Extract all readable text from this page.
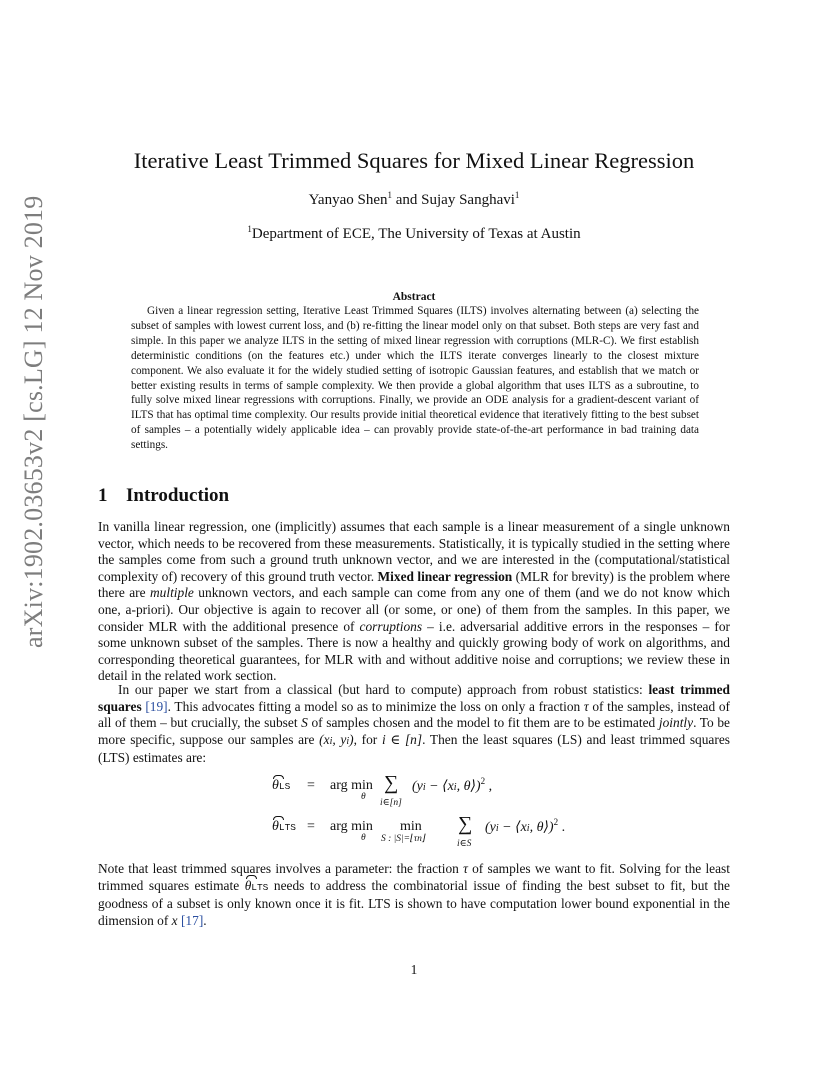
arXiv:1902.03653v2 [cs.LG] 12 Nov 2019
Iterative Least Trimmed Squares for Mixed Linear Regression
Yanyao Shen$^1$ and Sujay Sanghavi$^1$
$^1$Department of ECE, The University of Texas at Austin
Abstract
Given a linear regression setting, Iterative Least Trimmed Squares (ILTS) involves alternating between (a) selecting the subset of samples with lowest current loss, and (b) re-fitting the linear model only on that subset. Both steps are very fast and simple. In this paper we analyze ILTS in the setting of mixed linear regression with corruptions (MLR-C). We first establish deterministic conditions (on the features etc.) under which the ILTS iterate converges linearly to the closest mixture component. We also evaluate it for the widely studied setting of isotropic Gaussian features, and establish that we match or better existing results in terms of sample complexity. We then provide a global algorithm that uses ILTS as a subroutine, to fully solve mixed linear regressions with corruptions. Finally, we provide an ODE analysis for a gradient-descent variant of ILTS that has optimal time complexity. Our results provide initial theoretical evidence that iteratively fitting to the best subset of samples – a potentially widely applicable idea – can provably provide state-of-the-art performance in bad training data settings.
1 Introduction
In vanilla linear regression, one (implicitly) assumes that each sample is a linear measurement of a single unknown vector, which needs to be recovered from these measurements. Statistically, it is typically studied in the setting where the samples come from such a ground truth unknown vector, and we are interested in the (computational/statistical complexity of) recovery of this ground truth vector. Mixed linear regression (MLR for brevity) is the problem where there are multiple unknown vectors, and each sample can come from any one of them (and we do not know which one, a-priori). Our objective is again to recover all (or some, or one) of them from the samples. In this paper, we consider MLR with the additional presence of corruptions – i.e. adversarial additive errors in the responses – for some unknown subset of the samples. There is now a healthy and quickly growing body of work on algorithms, and corresponding theoretical guarantees, for MLR with and without additive noise and corruptions; we review these in detail in the related work section.
In our paper we start from a classical (but hard to compute) approach from robust statistics: least trimmed squares [19]. This advocates fitting a model so as to minimize the loss on only a fraction τ of the samples, instead of all of them – but crucially, the subset S of samples chosen and the model to fit them are to be estimated jointly. To be more specific, suppose our samples are (xi, yi), for i ∈ [n]. Then the least squares (LS) and least trimmed squares (LTS) estimates are:
θLS = arg min
θ
∑
i∈[n]
(yi − ⟨xi, θ⟩)$^2$ ,
θLTS = arg min
θ
min
S : |S|=⌊τn⌋
∑
i∈S
(yi − ⟨xi, θ⟩)$^2$ .
Note that least trimmed squares involves a parameter: the fraction τ of samples we want to fit. Solving for the least trimmed squares estimate θLTS needs to address the combinatorial issue of finding the best subset to fit, but the goodness of a subset is only known once it is fit. LTS is shown to have computation lower bound exponential in the dimension of x [17].
1
